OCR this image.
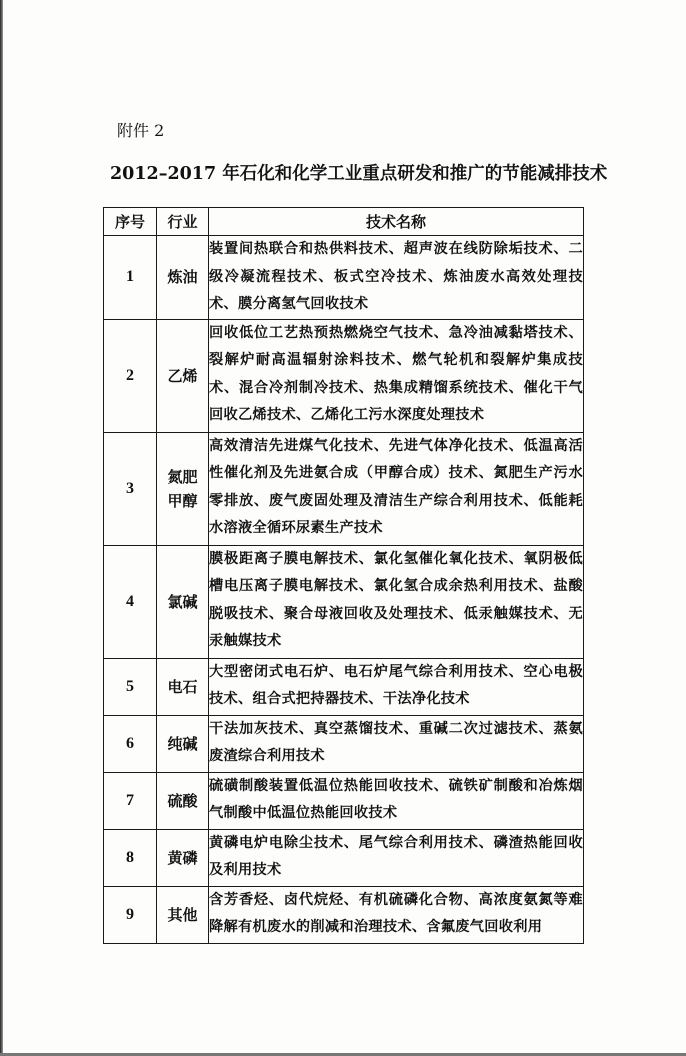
附件 2
2012–2017 年石化和化学工业重点研发和推广的节能减排技术
序号	行业	技术名称
1	炼油	装置间热联合和热供料技术、超声波在线防除垢技术、二级冷凝流程技术、板式空冷技术、炼油废水高效处理技术、膜分离氢气回收技术
2	乙烯	回收低位工艺热预热燃烧空气技术、急冷油减黏塔技术、裂解炉耐高温辐射涂料技术、燃气轮机和裂解炉集成技术、混合冷剂制冷技术、热集成精馏系统技术、催化干气回收乙烯技术、乙烯化工污水深度处理技术
3	氮肥甲醇	高效清洁先进煤气化技术、先进气体净化技术、低温高活性催化剂及先进氨合成（甲醇合成）技术、氮肥生产污水零排放、废气废固处理及清洁生产综合利用技术、低能耗水溶液全循环尿素生产技术
4	氯碱	膜极距离子膜电解技术、氯化氢催化氧化技术、氧阴极低槽电压离子膜电解技术、氯化氢合成余热利用技术、盐酸脱吸技术、聚合母液回收及处理技术、低汞触媒技术、无汞触媒技术
5	电石	大型密闭式电石炉、电石炉尾气综合利用技术、空心电极技术、组合式把持器技术、干法净化技术
6	纯碱	干法加灰技术、真空蒸馏技术、重碱二次过滤技术、蒸氨废渣综合利用技术
7	硫酸	硫磺制酸装置低温位热能回收技术、硫铁矿制酸和冶炼烟气制酸中低温位热能回收技术
8	黄磷	黄磷电炉电除尘技术、尾气综合利用技术、磷渣热能回收及利用技术
9	其他	含芳香烃、卤代烷烃、有机硫磷化合物、高浓度氨氮等难降解有机废水的削减和治理技术、含氟废气回收利用
